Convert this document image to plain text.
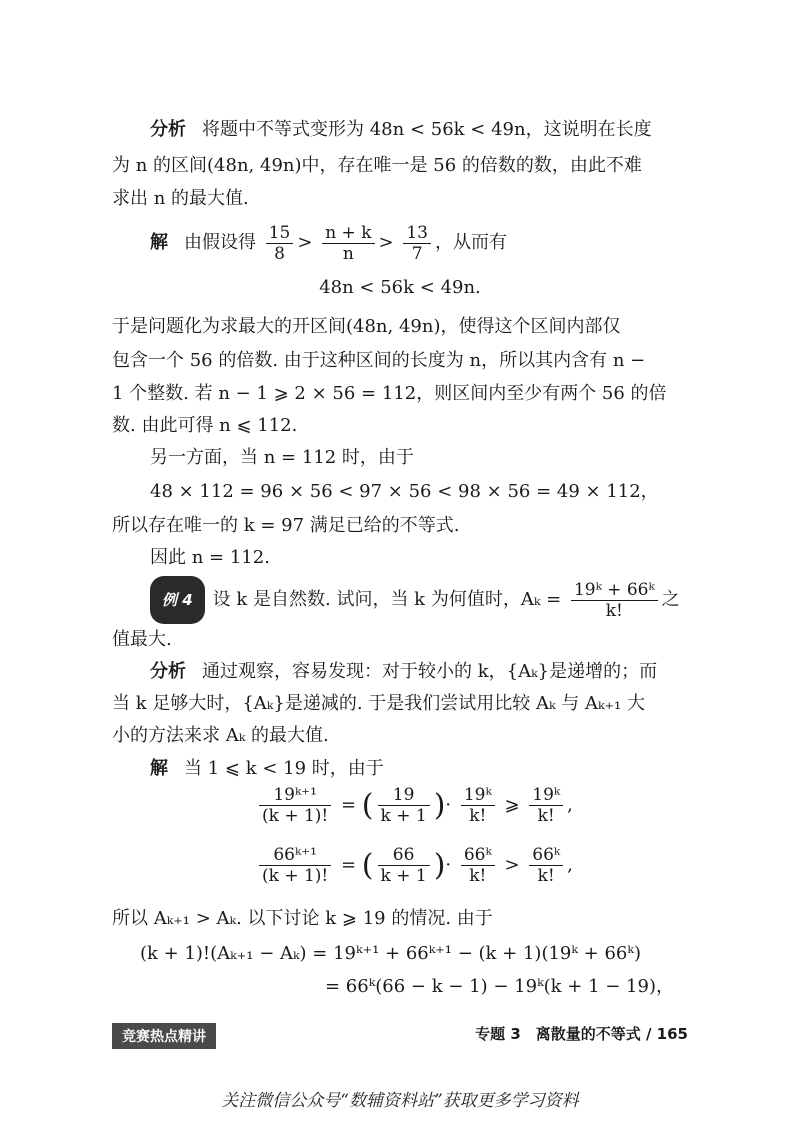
分析 将题中不等式变形为 48n < 56k < 49n，这说明在长度
为 n 的区间(48n, 49n)中，存在唯一是 56 的倍数的数，由此不难
求出 n 的最大值.
解 由假设得 $\frac{15}{8} > \frac{n + k}{n} > \frac{13}{7}$ ，从而有
48n < 56k < 49n.
于是问题化为求最大的开区间(48n, 49n)，使得这个区间内部仅
包含一个 56 的倍数. 由于这种区间的长度为 n，所以其内含有 n −
1 个整数. 若 n − 1 ⩾ 2 × 56 = 112，则区间内至少有两个 56 的倍
数. 由此可得 n ⩽ 112.
另一方面，当 n = 112 时，由于
48 × 112 = 96 × 56 < 97 × 56 < 98 × 56 = 49 × 112，
所以存在唯一的 k = 97 满足已给的不等式.
因此 n = 112.
例 4 设 k 是自然数. 试问，当 k 为何值时，$A_k = \frac{\text{19ᵏ + 66ᵏ}}{k!}$ 之
值最大.
分析 通过观察，容易发现：对于较小的 k，{Aₖ}是递增的；而
当 k 足够大时，{Aₖ}是递减的. 于是我们尝试用比较 Aₖ 与 Aₖ₊₁ 大
小的方法来求 Aₖ 的最大值.
解 当 1 ⩽ k < 19 时，由于
$\frac{\text{19ᵏ⁺¹}}{(k + 1)!}$ = ( $\frac{19}{k + 1}$ )· $\frac{\text{19ᵏ}}{k!}$ ⩾ $\frac{\text{19ᵏ}}{k!}$ ,
$\frac{\text{66ᵏ⁺¹}}{(k + 1)!}$ = ( $\frac{66}{k + 1}$ )· $\frac{\text{66ᵏ}}{k!} > \frac{\text{66ᵏ}}{k!}$ ,
所以 Aₖ₊₁ > Aₖ. 以下讨论 k ⩾ 19 的情况. 由于
(k + 1)!(Aₖ₊₁ − Aₖ) = 19ᵏ⁺¹ + 66ᵏ⁺¹ − (k + 1)(19ᵏ + 66ᵏ)
= 66ᵏ(66 − k − 1) − 19ᵏ(k + 1 − 19)，
竞赛热点精讲	专题 3　离散量的不等式 / 165
关注微信公众号“数辅资料站”获取更多学习资料
